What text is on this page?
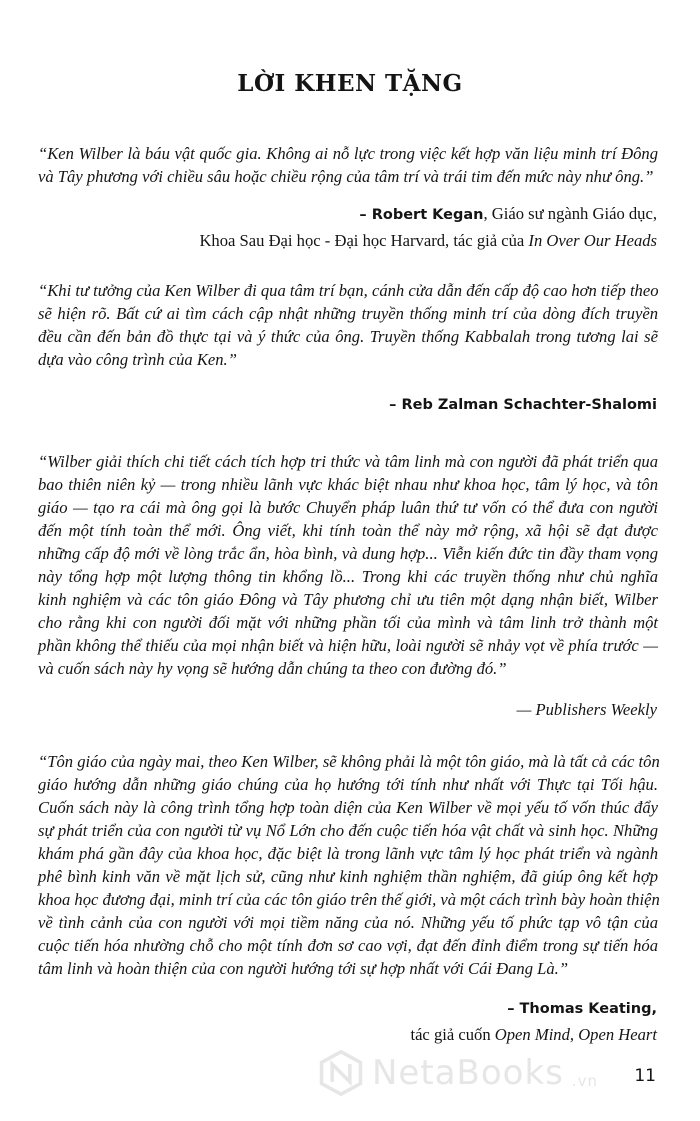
LỜI KHEN TẶNG
“Ken Wilber là báu vật quốc gia. Không ai nỗ lực trong việc kết hợp văn liệu minh trí Đông
và Tây phương với chiều sâu hoặc chiều rộng của tâm trí và trái tim đến mức này như ông.”
– Robert Kegan, Giáo sư ngành Giáo dục,
Khoa Sau Đại học - Đại học Harvard, tác giả của In Over Our Heads
“Khi tư tưởng của Ken Wilber đi qua tâm trí bạn, cánh cửa dẫn đến cấp độ cao hơn tiếp theo
sẽ hiện rõ. Bất cứ ai tìm cách cập nhật những truyền thống minh trí của dòng đích truyền
đều cần đến bản đồ thực tại và ý thức của ông. Truyền thống Kabbalah trong tương lai sẽ
dựa vào công trình của Ken.”
– Reb Zalman Schachter-Shalomi
“Wilber giải thích chi tiết cách tích hợp tri thức và tâm linh mà con người đã phát triển qua
bao thiên niên kỷ — trong nhiều lãnh vực khác biệt nhau như khoa học, tâm lý học, và tôn
giáo — tạo ra cái mà ông gọi là bước Chuyển pháp luân thứ tư vốn có thể đưa con người
đến một tính toàn thể mới. Ông viết, khi tính toàn thể này mở rộng, xã hội sẽ đạt được
những cấp độ mới về lòng trắc ẩn, hòa bình, và dung hợp... Viễn kiến đức tin đầy tham vọng
này tổng hợp một lượng thông tin khổng lồ... Trong khi các truyền thống như chủ nghĩa
kinh nghiệm và các tôn giáo Đông và Tây phương chỉ ưu tiên một dạng nhận biết, Wilber
cho rằng khi con người đối mặt với những phần tối của mình và tâm linh trở thành một
phần không thể thiếu của mọi nhận biết và hiện hữu, loài người sẽ nhảy vọt về phía trước —
và cuốn sách này hy vọng sẽ hướng dẫn chúng ta theo con đường đó.”
— Publishers Weekly
“Tôn giáo của ngày mai, theo Ken Wilber, sẽ không phải là một tôn giáo, mà là tất cả các tôn
giáo hướng dẫn những giáo chúng của họ hướng tới tính như nhất với Thực tại Tối hậu.
Cuốn sách này là công trình tổng hợp toàn diện của Ken Wilber về mọi yếu tố vốn thúc đẩy
sự phát triển của con người từ vụ Nổ Lớn cho đến cuộc tiến hóa vật chất và sinh học. Những
khám phá gần đây của khoa học, đặc biệt là trong lãnh vực tâm lý học phát triển và ngành
phê bình kinh văn về mặt lịch sử, cũng như kinh nghiệm thần nghiệm, đã giúp ông kết hợp
khoa học đương đại, minh trí của các tôn giáo trên thế giới, và một cách trình bày hoàn thiện
về tình cảnh của con người với mọi tiềm năng của nó. Những yếu tố phức tạp vô tận của
cuộc tiến hóa nhường chỗ cho một tính đơn sơ cao vợi, đạt đến đỉnh điểm trong sự tiến hóa
tâm linh và hoàn thiện của con người hướng tới sự hợp nhất với Cái Đang Là.”
– Thomas Keating,
tác giả cuốn Open Mind, Open Heart
NetaBooks .vn 11
